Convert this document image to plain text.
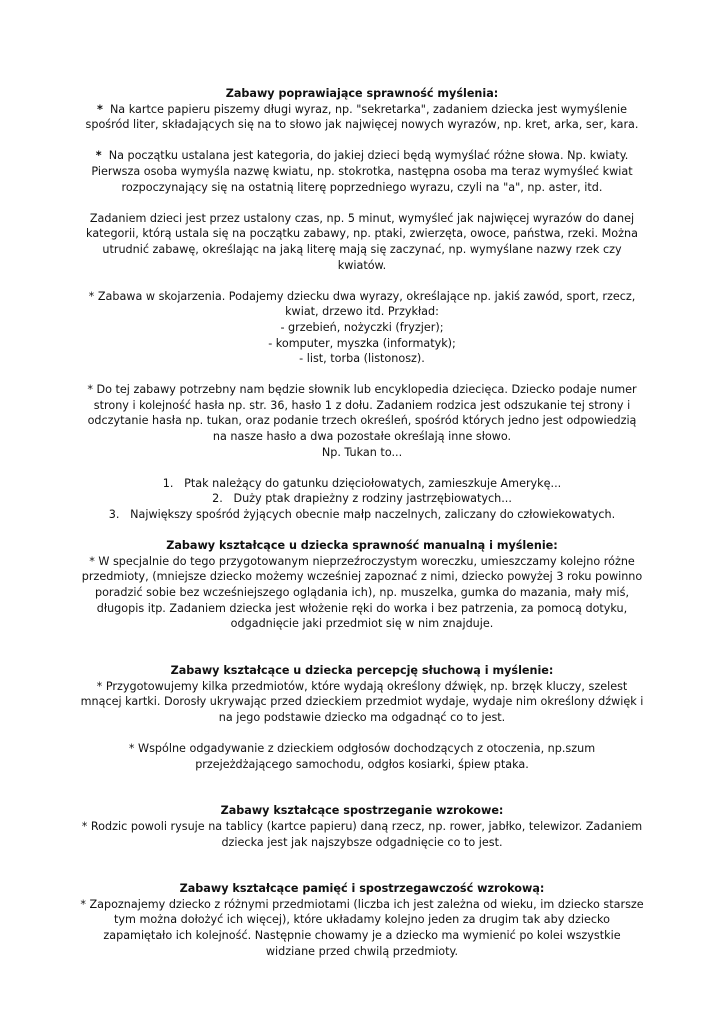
Zabawy poprawiające sprawność myślenia:

* Na kartce papieru piszemy długi wyraz, np. "sekretarka", zadaniem dziecka jest wymyślenie spośród liter, składających się na to słowo jak najwięcej nowych wyrazów, np. kret, arka, ser, kara.

* Na początku ustalana jest kategoria, do jakiej dzieci będą wymyślać różne słowa. Np. kwiaty. Pierwsza osoba wymyśla nazwę kwiatu, np. stokrotka, następna osoba ma teraz wymyśleć kwiat rozpoczynający się na ostatnią literę poprzedniego wyrazu, czyli na "a", np. aster, itd.

Zadaniem dzieci jest przez ustalony czas, np. 5 minut, wymyśleć jak najwięcej wyrazów do danej kategorii, którą ustala się na początku zabawy, np. ptaki, zwierzęta, owoce, państwa, rzeki. Można utrudnić zabawę, określając na jaką literę mają się zaczynać, np. wymyślane nazwy rzek czy kwiatów.

* Zabawa w skojarzenia. Podajemy dziecku dwa wyrazy, określające np. jakiś zawód, sport, rzecz, kwiat, drzewo itd. Przykład:

- grzebień, nożyczki (fryzjer);

- komputer, myszka (informatyk);

- list, torba (listonosz).

* Do tej zabawy potrzebny nam będzie słownik lub encyklopedia dziecięca. Dziecko podaje numer strony i kolejność hasła np. str. 36, hasło 1 z dołu. Zadaniem rodzica jest odszukanie tej strony i odczytanie hasła np. tukan, oraz podanie trzech określeń, spośród których jedno jest odpowiedzią na nasze hasło a dwa pozostałe określają inne słowo.

Np. Tukan to...

1. Ptak należący do gatunku dzięciołowatych, zamieszkuje Amerykę...

2. Duży ptak drapieżny z rodziny jastrzębiowatych...

3. Największy spośród żyjących obecnie małp naczelnych, zaliczany do człowiekowatych.

Zabawy kształcące u dziecka sprawność manualną i myślenie:

* W specjalnie do tego przygotowanym nieprzeźroczystym woreczku, umieszczamy kolejno różne przedmioty, (mniejsze dziecko możemy wcześniej zapoznać z nimi, dziecko powyżej 3 roku powinno poradzić sobie bez wcześniejszego oglądania ich), np. muszelka, gumka do mazania, mały miś, długopis itp. Zadaniem dziecka jest włożenie ręki do worka i bez patrzenia, za pomocą dotyku, odgadnięcie jaki przedmiot się w nim znajduje.

Zabawy kształcące u dziecka percepcję słuchową i myślenie:

* Przygotowujemy kilka przedmiotów, które wydają określony dźwięk, np. brzęk kluczy, szelest mnącej kartki. Dorosły ukrywając przed dzieckiem przedmiot wydaje, wydaje nim określony dźwięk i na jego podstawie dziecko ma odgadnąć co to jest.

* Wspólne odgadywanie z dzieckiem odgłosów dochodzących z otoczenia, np.szum przejeżdżającego samochodu, odgłos kosiarki, śpiew ptaka.

Zabawy kształcące spostrzeganie wzrokowe:

* Rodzic powoli rysuje na tablicy (kartce papieru) daną rzecz, np. rower, jabłko, telewizor. Zadaniem dziecka jest jak najszybsze odgadnięcie co to jest.

Zabawy kształcące pamięć i spostrzegawczość wzrokową:

* Zapoznajemy dziecko z różnymi przedmiotami (liczba ich jest zależna od wieku, im dziecko starsze tym można dołożyć ich więcej), które układamy kolejno jeden za drugim tak aby dziecko zapamiętało ich kolejność. Następnie chowamy je a dziecko ma wymienić po kolei wszystkie widziane przed chwilą przedmioty.
